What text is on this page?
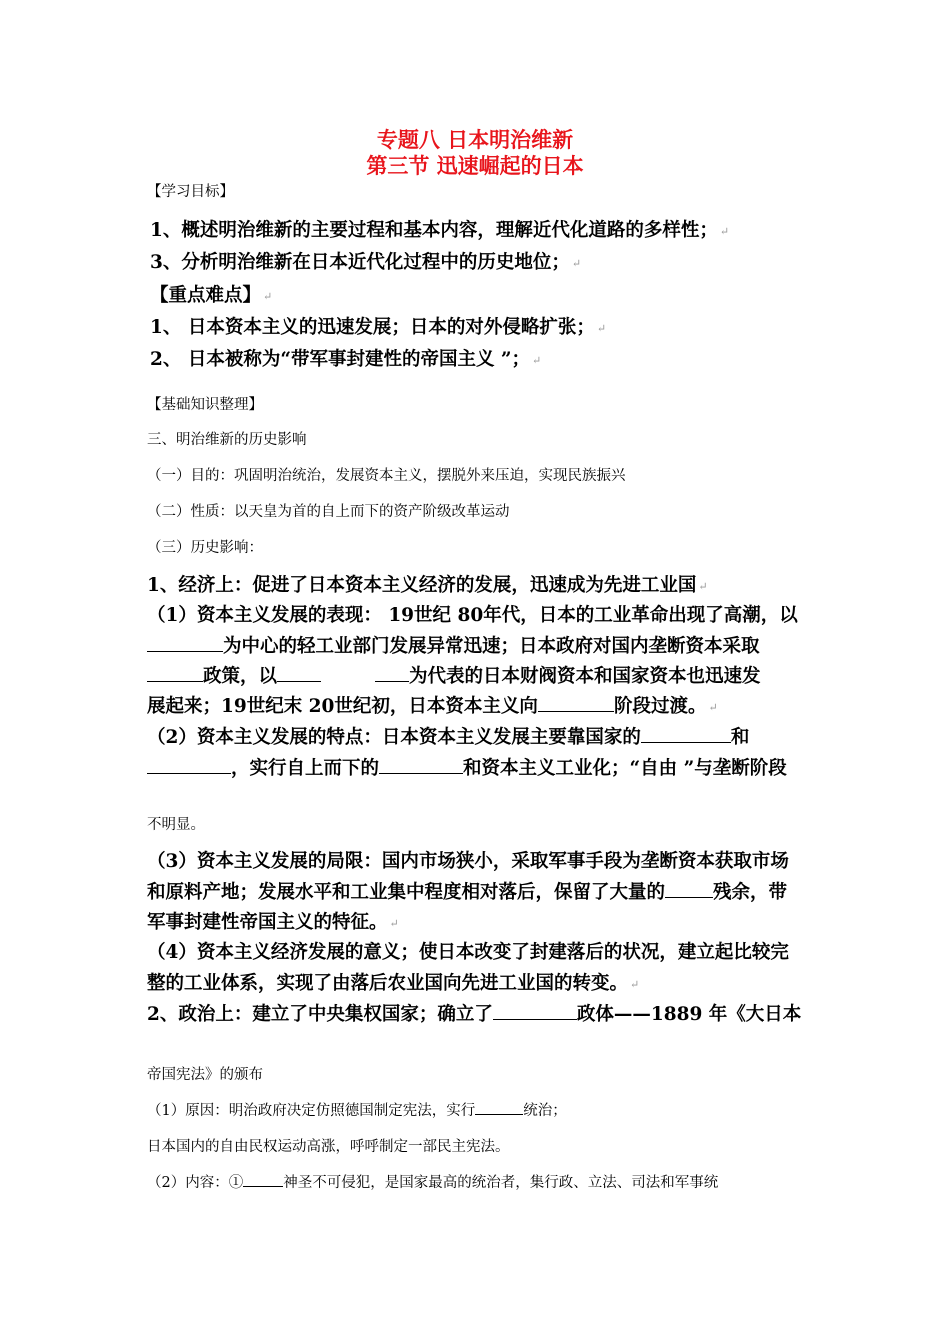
专题八 日本明治维新
第三节 迅速崛起的日本
【学习目标】
1、概述明治维新的主要过程和基本内容，理解近代化道路的多样性； ↵
3、分析明治维新在日本近代化过程中的历史地位； ↵
【重点难点】 ↵
1、 日本资本主义的迅速发展；日本的对外侵略扩张； ↵
2、 日本被称为“带军事封建性的帝国主义 ”； ↵
【基础知识整理】
三、明治维新的历史影响
（一）目的：巩固明治统治，发展资本主义，摆脱外来压迫，实现民族振兴
（二）性质：以天皇为首的自上而下的资产阶级改革运动
（三）历史影响：
1、经济上：促进了日本资本主义经济的发展，迅速成为先进工业国 ↵
（1）资本主义发展的表现： 19世纪 80年代，日本的工业革命出现了高潮，以
为中心的轻工业部门发展异常迅速；日本政府对国内垄断资本采取
政策，以	为代表的日本财阀资本和国家资本也迅速发
展起来；19世纪末 20世纪初，日本资本主义向	阶段过渡。 ↵
（2）资本主义发展的特点：日本资本主义发展主要靠国家的	和
，实行自上而下的	和资本主义工业化；“自由 ”与垄断阶段
不明显。
（3）资本主义发展的局限：国内市场狭小，采取军事手段为垄断资本获取市场
和原料产地；发展水平和工业集中程度相对落后，保留了大量的	残余，带
军事封建性帝国主义的特征。 ↵
（4）资本主义经济发展的意义；使日本改变了封建落后的状况，建立起比较完
整的工业体系，实现了由落后农业国向先进工业国的转变。 ↵
2、政治上：建立了中央集权国家；确立了	政体——1889 年《大日本
帝国宪法》的颁布
（1）原因：明治政府决定仿照德国制定宪法，实行	统治；
日本国内的自由民权运动高涨，呼呼制定一部民主宪法。
（2）内容：①	神圣不可侵犯，是国家最高的统治者，集行政、立法、司法和军事统
